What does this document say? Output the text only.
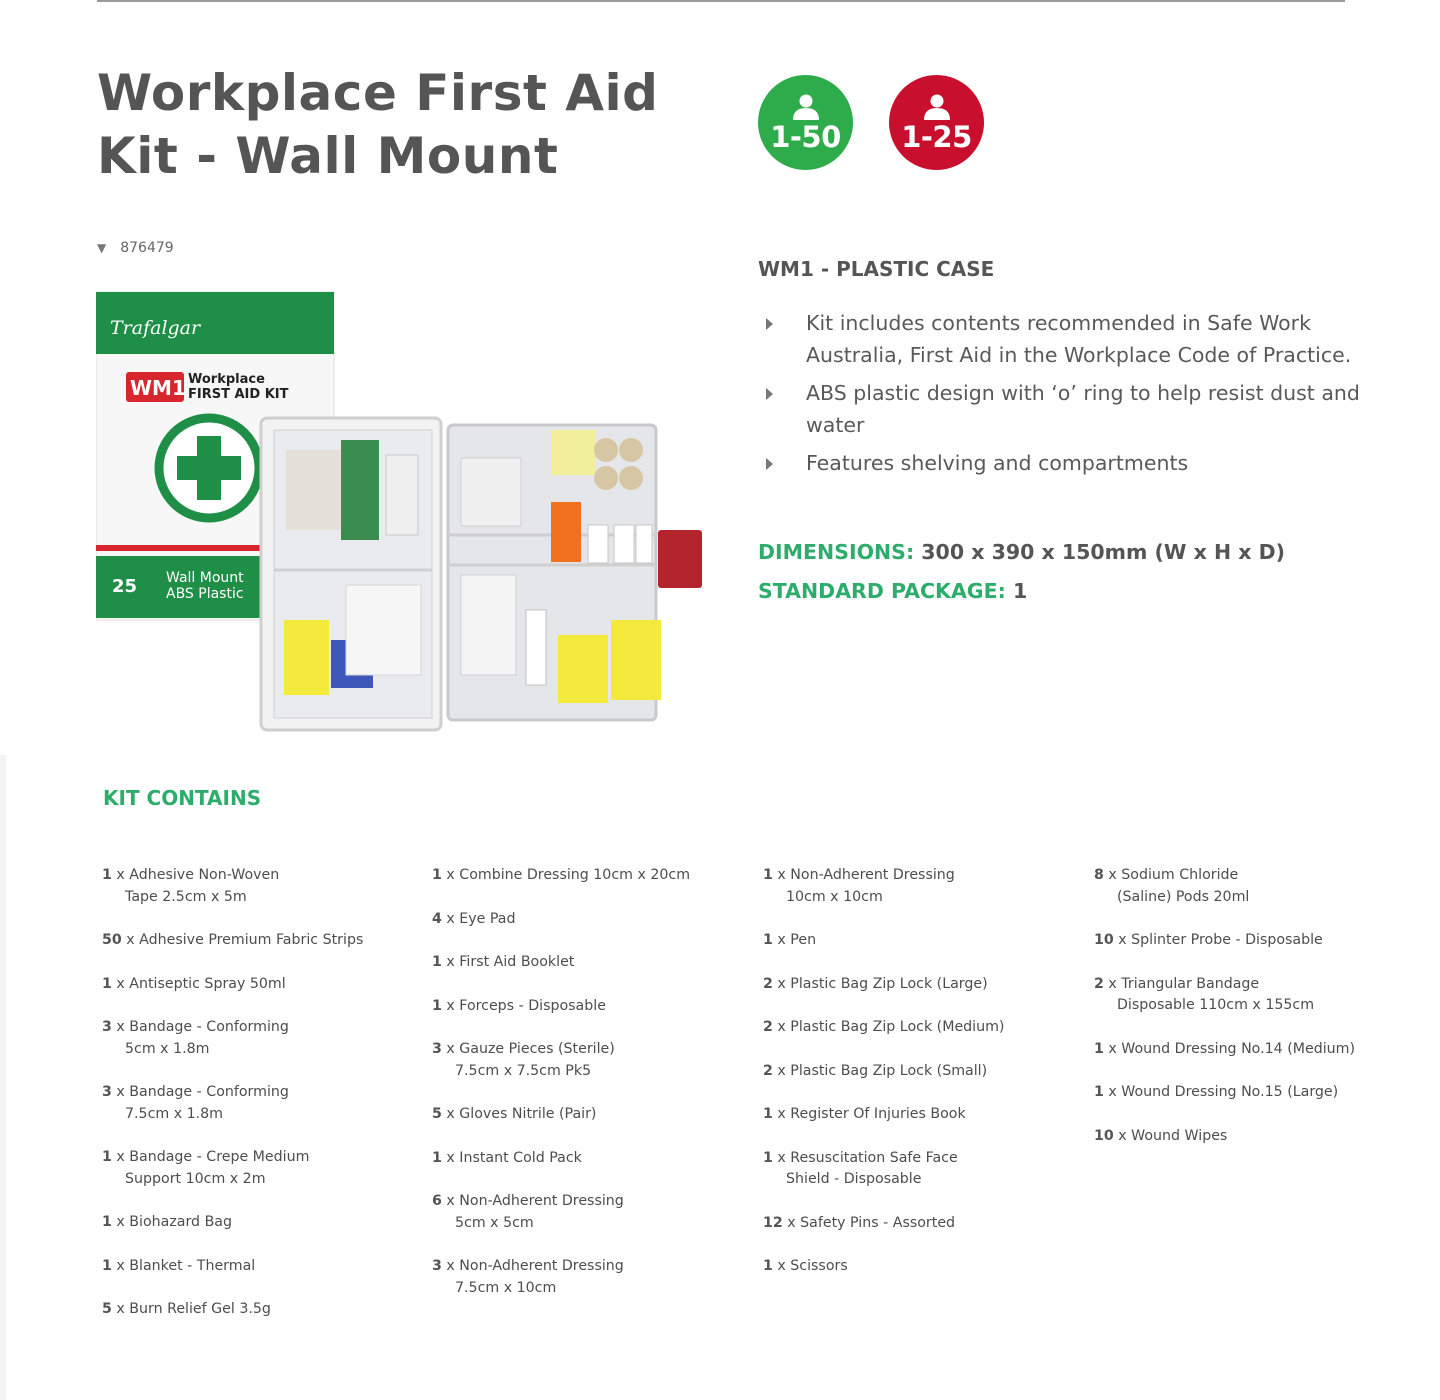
Workplace First Aid
Kit - Wall Mount	1-50	1-25
▼ 876479
Trafalgar
WM1 Workplace
FIRST AID KIT
25 Wall Mount
ABS Plastic
WM1 - PLASTIC CASE
Kit includes contents recommended in Safe Work Australia, First Aid in the Workplace Code of Practice.
ABS plastic design with ‘o’ ring to help resist dust and water
Features shelving and compartments
DIMENSIONS: 300 x 390 x 150mm (W x H x D)
STANDARD PACKAGE: 1
KIT CONTAINS
1 x Adhesive Non-Woven
Tape 2.5cm x 5m
50 x Adhesive Premium Fabric Strips
1 x Antiseptic Spray 50ml
3 x Bandage - Conforming
5cm x 1.8m
3 x Bandage - Conforming
7.5cm x 1.8m
1 x Bandage - Crepe Medium
Support 10cm x 2m
1 x Biohazard Bag
1 x Blanket - Thermal
5 x Burn Relief Gel 3.5g
1 x Combine Dressing 10cm x 20cm
4 x Eye Pad
1 x First Aid Booklet
1 x Forceps - Disposable
3 x Gauze Pieces (Sterile)
7.5cm x 7.5cm Pk5
5 x Gloves Nitrile (Pair)
1 x Instant Cold Pack
6 x Non-Adherent Dressing
5cm x 5cm
3 x Non-Adherent Dressing
7.5cm x 10cm
1 x Non-Adherent Dressing
10cm x 10cm
1 x Pen
2 x Plastic Bag Zip Lock (Large)
2 x Plastic Bag Zip Lock (Medium)
2 x Plastic Bag Zip Lock (Small)
1 x Register Of Injuries Book
1 x Resuscitation Safe Face
Shield - Disposable
12 x Safety Pins - Assorted
1 x Scissors
8 x Sodium Chloride
(Saline) Pods 20ml
10 x Splinter Probe - Disposable
2 x Triangular Bandage
Disposable 110cm x 155cm
1 x Wound Dressing No.14 (Medium)
1 x Wound Dressing No.15 (Large)
10 x Wound Wipes
